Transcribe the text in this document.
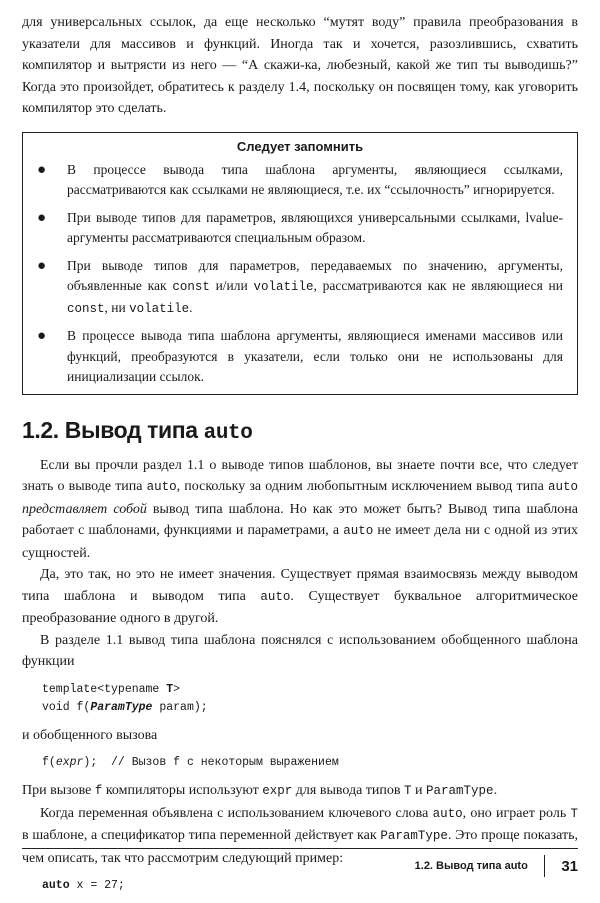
для универсальных ссылок, да еще несколько “мутят воду” правила преобразования в указатели для массивов и функций. Иногда так и хочется, разозлившись, схватить компилятор и вытрясти из него — “А скажи-ка, любезный, какой же тип ты выводишь?” Когда это произойдет, обратитесь к разделу 1.4, поскольку он посвящен тому, как уговорить компилятор это сделать.

Следует запомнить
● В процессе вывода типа шаблона аргументы, являющиеся ссылками, рассматриваются как ссылками не являющиеся, т.е. их “ссылочность” игнорируется.
● При выводе типов для параметров, являющихся универсальными ссылками, lvalue-аргументы рассматриваются специальным образом.
● При выводе типов для параметров, передаваемых по значению, аргументы, объявленные как const и/или volatile, рассматриваются как не являющиеся ни const, ни volatile.
● В процессе вывода типа шаблона аргументы, являющиеся именами массивов или функций, преобразуются в указатели, если только они не использованы для инициализации ссылок.
1.2. Вывод типа auto

Если вы прочли раздел 1.1 о выводе типов шаблонов, вы знаете почти все, что следует знать о выводе типа auto, поскольку за одним любопытным исключением вывод типа auto представляет собой вывод типа шаблона. Но как это может быть? Вывод типа шаблона работает с шаблонами, функциями и параметрами, а auto не имеет дела ни с одной из этих сущностей.

Да, это так, но это не имеет значения. Существует прямая взаимосвязь между выводом типа шаблона и выводом типа auto. Существует буквальное алгоритмическое преобразование одного в другой.

В разделе 1.1 вывод типа шаблона пояснялся с использованием обобщенного шаблона функции

template<typename T>
void f(ParamType param);

и обобщенного вызова

f(expr);  // Вызов f с некоторым выражением

При вызове f компиляторы используют expr для вывода типов T и ParamType.

Когда переменная объявлена с использованием ключевого слова auto, оно играет роль T в шаблоне, а спецификатор типа переменной действует как ParamType. Это проще показать, чем описать, так что рассмотрим следующий пример:

auto x = 27;
1.2. Вывод типа auto 31
